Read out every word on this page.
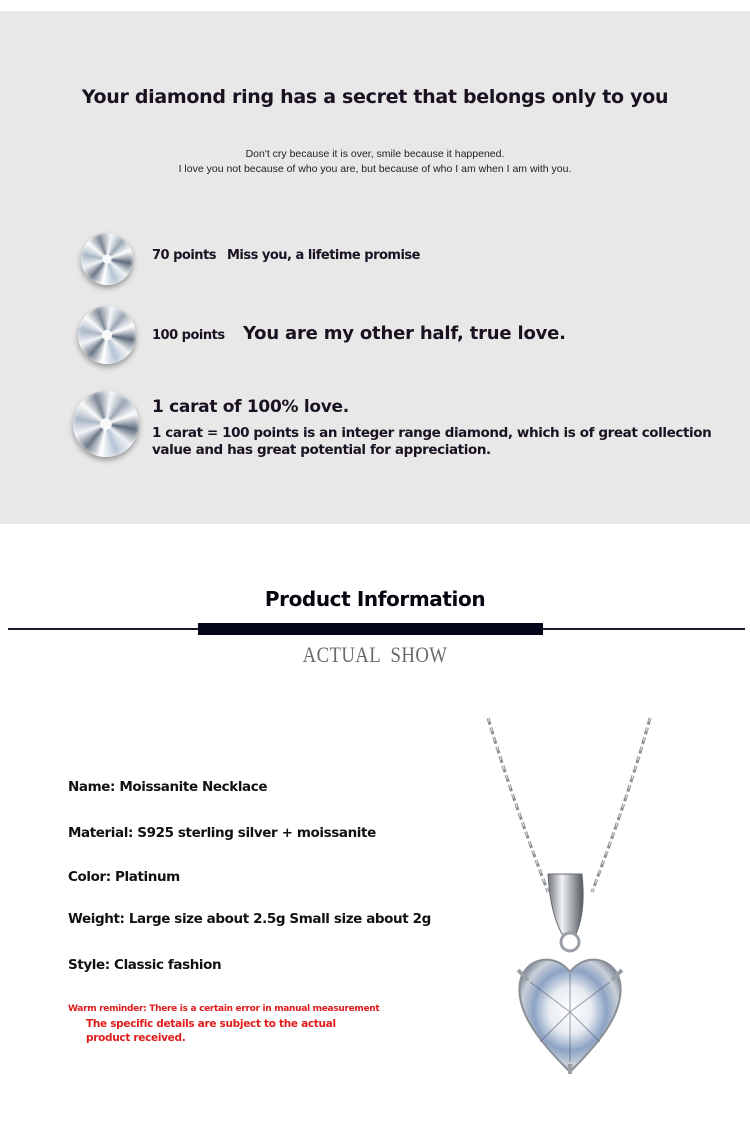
Your diamond ring has a secret that belongs only to you
Don't cry because it is over, smile because it happened.
I love you not because of who you are, but because of who I am when I am with you.
70 points Miss you, a lifetime promise
100 points You are my other half, true love.
1 carat of 100% love.
1 carat = 100 points is an integer range diamond, which is of great collection value and has great potential for appreciation.
Product Information
ACTUAL  SHOW
Name: Moissanite Necklace
Material: S925 sterling silver + moissanite
Color: Platinum
Weight: Large size about 2.5g Small size about 2g
Style: Classic fashion
Warm reminder: There is a certain error in manual measurement
The specific details are subject to the actual product received.
